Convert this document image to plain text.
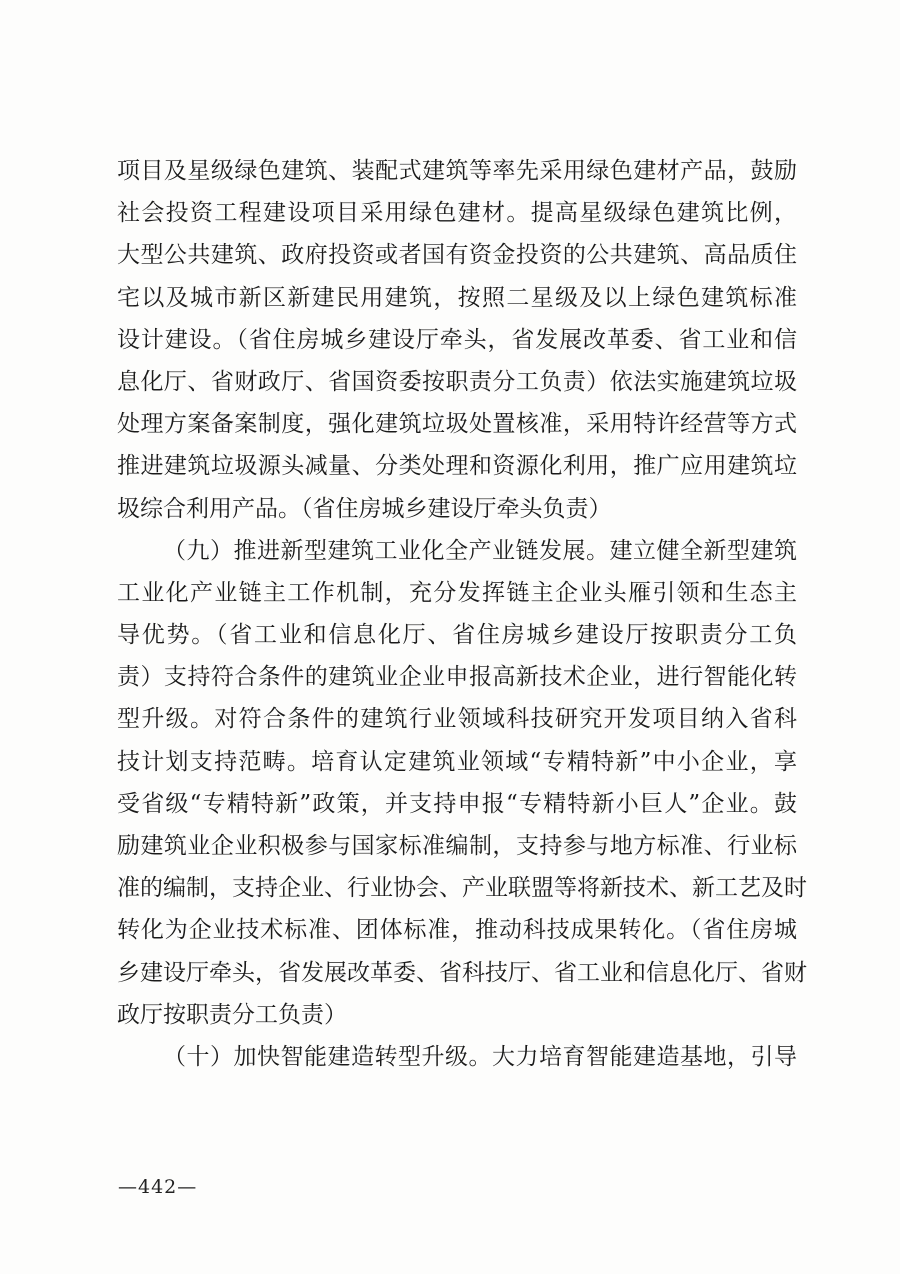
项目及星级绿色建筑、装配式建筑等率先采用绿色建材产品，鼓励
社会投资工程建设项目采用绿色建材。提高星级绿色建筑比例，
大型公共建筑、政府投资或者国有资金投资的公共建筑、高品质住
宅以及城市新区新建民用建筑，按照二星级及以上绿色建筑标准
设计建设。（省住房城乡建设厅牵头，省发展改革委、省工业和信
息化厅、省财政厅、省国资委按职责分工负责）依法实施建筑垃圾
处理方案备案制度，强化建筑垃圾处置核准，采用特许经营等方式
推进建筑垃圾源头减量、分类处理和资源化利用，推广应用建筑垃
圾综合利用产品。（省住房城乡建设厅牵头负责）
（九）推进新型建筑工业化全产业链发展。建立健全新型建筑
工业化产业链主工作机制，充分发挥链主企业头雁引领和生态主
导优势。（省工业和信息化厅、省住房城乡建设厅按职责分工负
责）支持符合条件的建筑业企业申报高新技术企业，进行智能化转
型升级。对符合条件的建筑行业领域科技研究开发项目纳入省科
技计划支持范畴。培育认定建筑业领域“专精特新”中小企业，享
受省级“专精特新”政策，并支持申报“专精特新小巨人”企业。鼓
励建筑业企业积极参与国家标准编制，支持参与地方标准、行业标
准的编制，支持企业、行业协会、产业联盟等将新技术、新工艺及时
转化为企业技术标准、团体标准，推动科技成果转化。（省住房城
乡建设厅牵头，省发展改革委、省科技厅、省工业和信息化厅、省财
政厅按职责分工负责）
（十）加快智能建造转型升级。大力培育智能建造基地，引导
—442—
